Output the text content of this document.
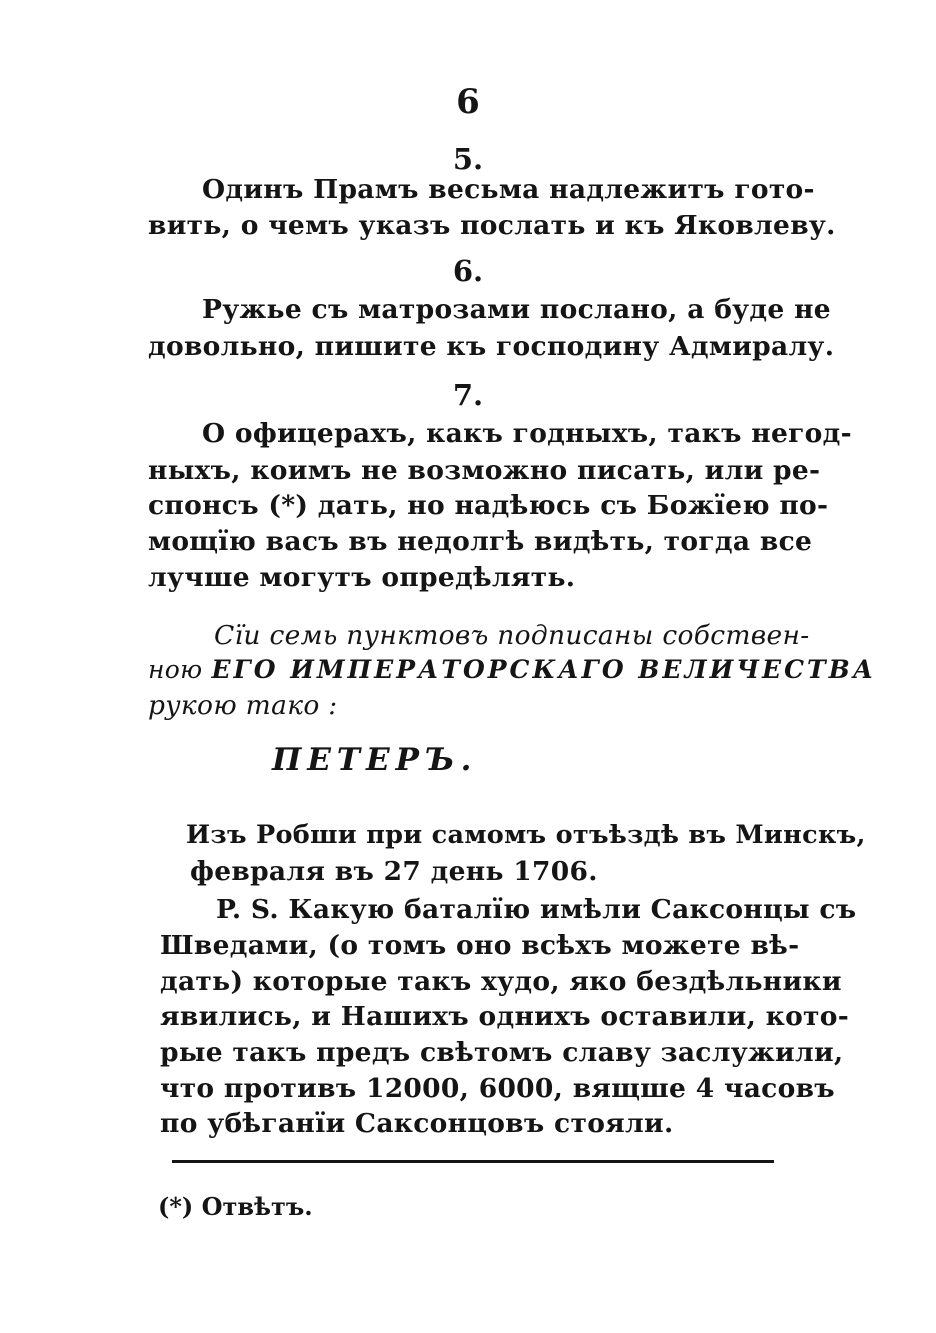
6
5.
Одинъ Прамъ весьма надлежитъ гото-
вить, о чемъ указъ послать и къ Яковлеву.
6.
Ружье съ матрозами послано, а буде не
довольно, пишите къ господину Адмиралу.
7.
О офицерахъ, какъ годныхъ, такъ негод-
ныхъ, коимъ не возможно писать, или ре-
спонсъ (*) дать, но надѣюсь съ Божїею по-
мощїю васъ въ недолгѣ видѣть, тогда все
лучше могутъ опредѣлять.
Сїи семь пунктовъ подписаны собствен-
ною ЕГО ИМПЕРАТОРСКАГО ВЕЛИЧЕСТВА
рукою тако :
ПЕТЕРЪ.
Изъ Робши при самомъ отъѣздѣ въ Минскъ,
февраля въ 27 день 1706.
P. S. Какую баталїю имѣли Саксонцы съ
Шведами, (о томъ оно всѣхъ можете вѣ-
дать) которые такъ худо, яко бездѣльники
явились, и Нашихъ однихъ оставили, кото-
рые такъ предъ свѣтомъ славу заслужили,
что противъ 12000, 6000, вящше 4 часовъ
по убѣганїи Саксонцовъ стояли.
(*) Отвѣтъ.
